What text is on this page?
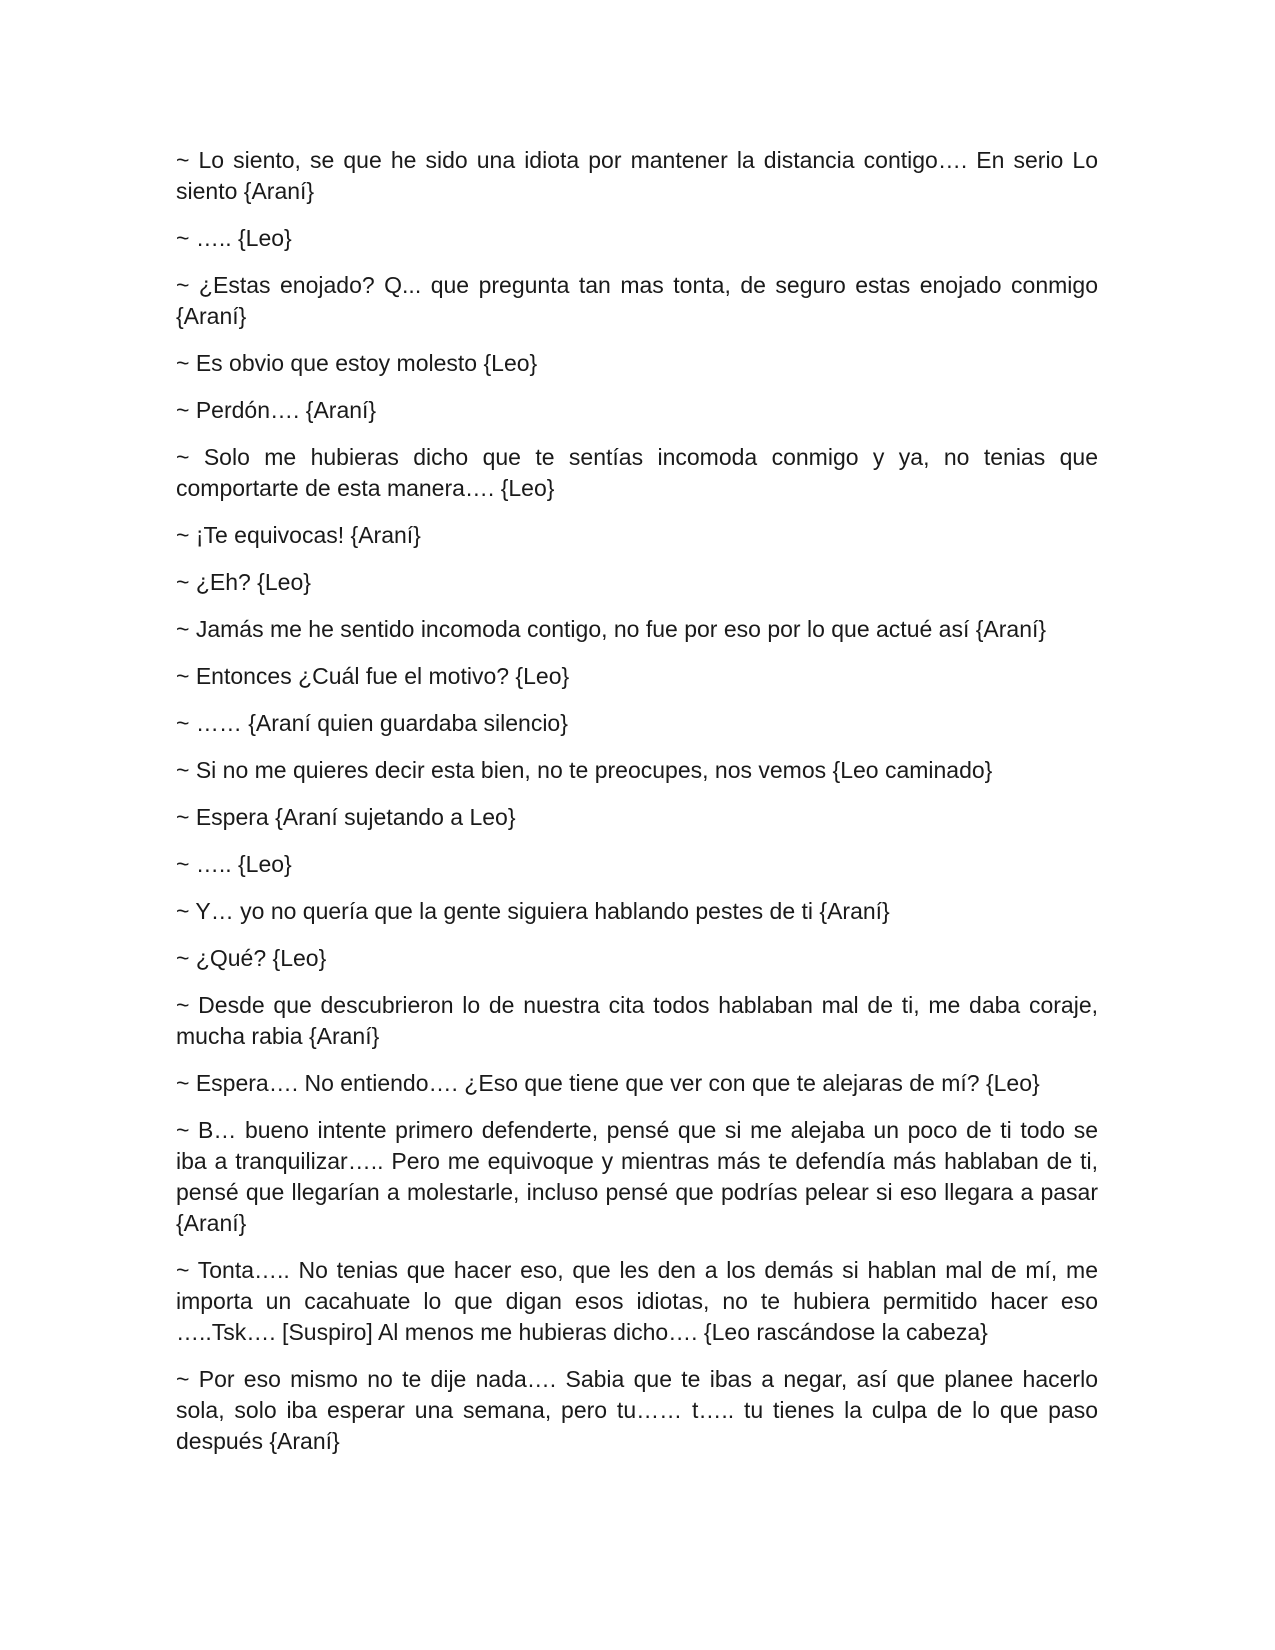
~ Lo siento, se que he sido una idiota por mantener la distancia contigo…. En serio Lo siento {Araní}

~ ….. {Leo}

~ ¿Estas enojado? Q... que pregunta tan mas tonta, de seguro estas enojado conmigo {Araní}

~ Es obvio que estoy molesto {Leo}

~ Perdón…. {Araní}

~ Solo me hubieras dicho que te sentías incomoda conmigo y ya, no tenias que comportarte de esta manera…. {Leo}

~ ¡Te equivocas! {Araní}

~ ¿Eh? {Leo}

~ Jamás me he sentido incomoda contigo, no fue por eso por lo que actué así {Araní}

~ Entonces ¿Cuál fue el motivo? {Leo}

~ …… {Araní quien guardaba silencio}

~ Si no me quieres decir esta bien, no te preocupes, nos vemos {Leo caminado}

~ Espera {Araní sujetando a Leo}

~ ….. {Leo}

~ Y… yo no quería que la gente siguiera hablando pestes de ti {Araní}

~ ¿Qué? {Leo}

~ Desde que descubrieron lo de nuestra cita todos hablaban mal de ti, me daba coraje, mucha rabia {Araní}

~ Espera…. No entiendo…. ¿Eso que tiene que ver con que te alejaras de mí? {Leo}

~ B… bueno intente primero defenderte, pensé que si me alejaba un poco de ti todo se iba a tranquilizar….. Pero me equivoque y mientras más te defendía más hablaban de ti, pensé que llegarían a molestarle, incluso pensé que podrías pelear si eso llegara a pasar {Araní}

~ Tonta….. No tenias que hacer eso, que les den a los demás si hablan mal de mí, me importa un cacahuate lo que digan esos idiotas, no te hubiera permitido hacer eso …..Tsk…. [Suspiro] Al menos me hubieras dicho…. {Leo rascándose la cabeza}

~ Por eso mismo no te dije nada…. Sabia que te ibas a negar, así que planee hacerlo sola, solo iba esperar una semana, pero tu…… t….. tu tienes la culpa de lo que paso después {Araní}
